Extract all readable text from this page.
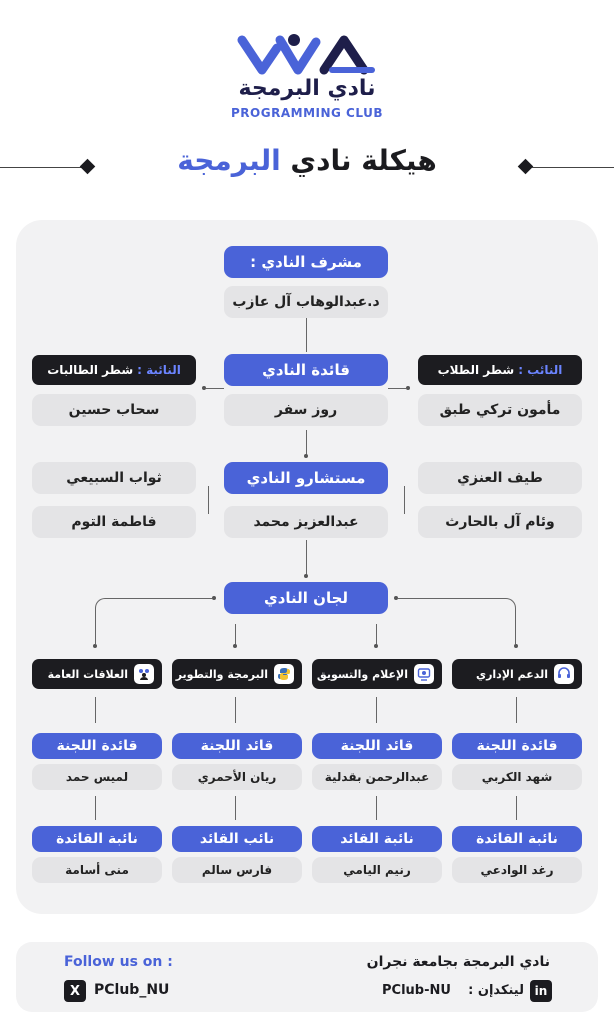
نادي البرمجة
PROGRAMMING CLUB
هيكلة نادي البرمجة
مشرف النادي :
د.عبدالوهاب آل عازب
قائدة النادي
روز سفر
النائب :
شطر الطلاب
مأمون تركي طبق
النائبة :
شطر الطالبات
سحاب حسين
مستشارو النادي
عبدالعزيز محمد
طيف العنزي
وئام آل بالحارث
ثواب السبيعي
فاطمة التوم
لجان النادي
الدعم الإداري
الإعلام والتسويق
البرمجة والتطوير
العلاقات العامة
قائدة اللجنة
شهد الكربي
قائد اللجنة
عبدالرحمن بقدلية
قائد اللجنة
ريان الأحمري
قائدة اللجنة
لميس حمد
نائبة القائدة
رغد الوادعي
نائبة القائد
رنيم اليامي
نائب القائد
فارس سالم
نائبة القائدة
منى أسامة
Follow us on :
X PClub_NU
نادي البرمجة بجامعة نجران
in
لينكدإن :
PClub-NU
